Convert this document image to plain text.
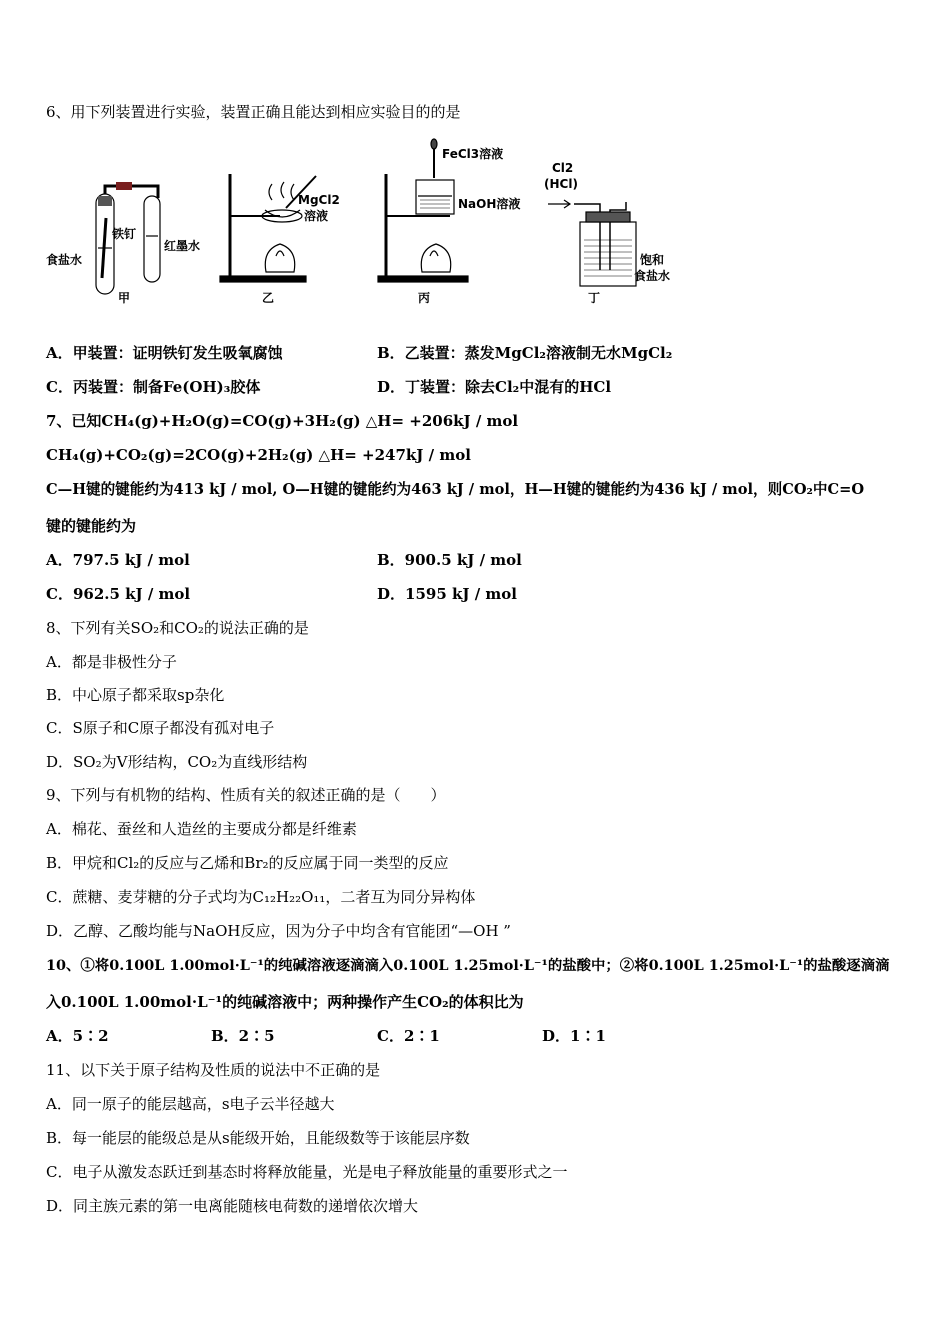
6、用下列装置进行实验，装置正确且能达到相应实验目的的是
铁钉
食盐水
红墨水
甲
MgCl2
溶液
乙
FeCl3溶液
NaOH溶液
丙
Cl2
(HCl)
饱和
食盐水
丁
A．甲装置：证明铁钉发生吸氧腐蚀	B．乙装置：蒸发MgCl₂溶液制无水MgCl₂
C．丙装置：制备Fe(OH)₃胶体	D．丁装置：除去Cl₂中混有的HCl
7、已知CH₄(g)+H₂O(g)=CO(g)+3H₂(g) △H= +206kJ / mol
CH₄(g)+CO₂(g)=2CO(g)+2H₂(g) △H= +247kJ / mol
C—H键的键能约为413 kJ / mol, O—H键的键能约为463 kJ / mol，H—H键的键能约为436 kJ / mol，则CO₂中C=O
键的键能约为
A．797.5 kJ / mol	B．900.5 kJ / mol
C．962.5 kJ / mol	D．1595 kJ / mol
8、下列有关SO₂和CO₂的说法正确的是
A．都是非极性分子
B．中心原子都采取sp杂化
C．S原子和C原子都没有孤对电子
D．SO₂为V形结构，CO₂为直线形结构
9、下列与有机物的结构、性质有关的叙述正确的是（　　）
A．棉花、蚕丝和人造丝的主要成分都是纤维素
B．甲烷和Cl₂的反应与乙烯和Br₂的反应属于同一类型的反应
C．蔗糖、麦芽糖的分子式均为C₁₂H₂₂O₁₁，二者互为同分异构体
D．乙醇、乙酸均能与NaOH反应，因为分子中均含有官能团“—OH ”
10、①将0.100L 1.00mol·L⁻¹的纯碱溶液逐滴滴入0.100L 1.25mol·L⁻¹的盐酸中；②将0.100L 1.25mol·L⁻¹的盐酸逐滴滴
入0.100L 1.00mol·L⁻¹的纯碱溶液中；两种操作产生CO₂的体积比为
A．5∶2	B．2∶5	C．2∶1	D．1∶1
11、以下关于原子结构及性质的说法中不正确的是
A．同一原子的能层越高，s电子云半径越大
B．每一能层的能级总是从s能级开始，且能级数等于该能层序数
C．电子从激发态跃迁到基态时将释放能量，光是电子释放能量的重要形式之一
D．同主族元素的第一电离能随核电荷数的递增依次增大
